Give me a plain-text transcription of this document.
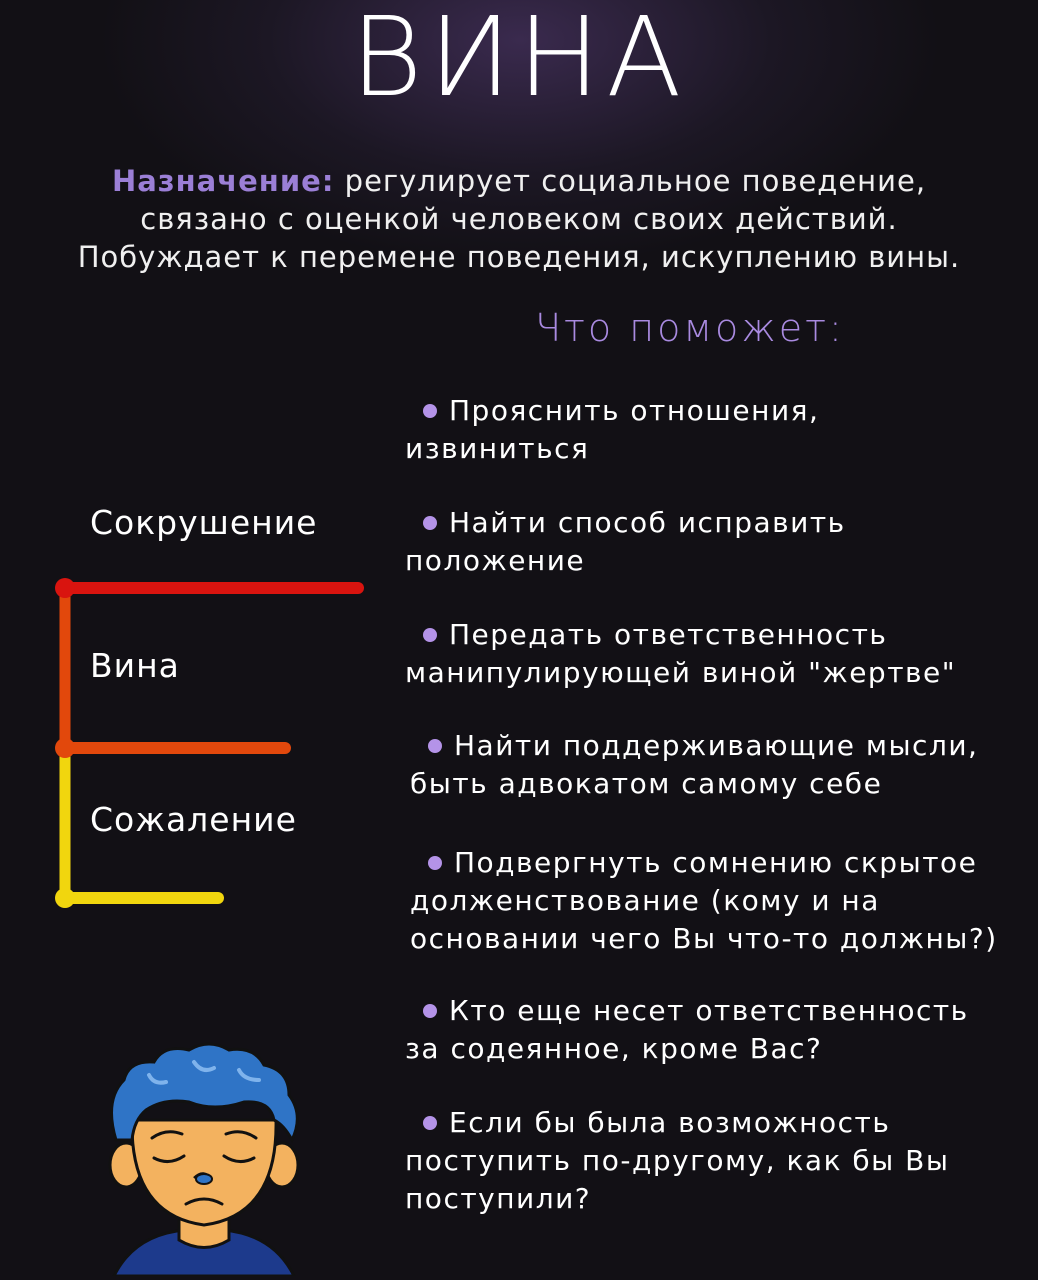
ВИНА
Назначение: регулирует социальное поведение,
связано с оценкой человеком своих действий.
Побуждает к перемене поведения, искуплению вины.
Что поможет:
Прояснить отношения,
извиниться
Найти способ исправить
положение
Передать ответственность
манипулирующей виной "жертве"
Найти поддерживающие мысли,
быть адвокатом самому себе
Подвергнуть сомнению скрытое
долженствование (кому и на
основании чего Вы что-то должны?)
Кто еще несет ответственность
за содеянное, кроме Вас?
Если бы была возможность
поступить по-другому, как бы Вы
поступили?
Сокрушение
Вина
Сожаление
